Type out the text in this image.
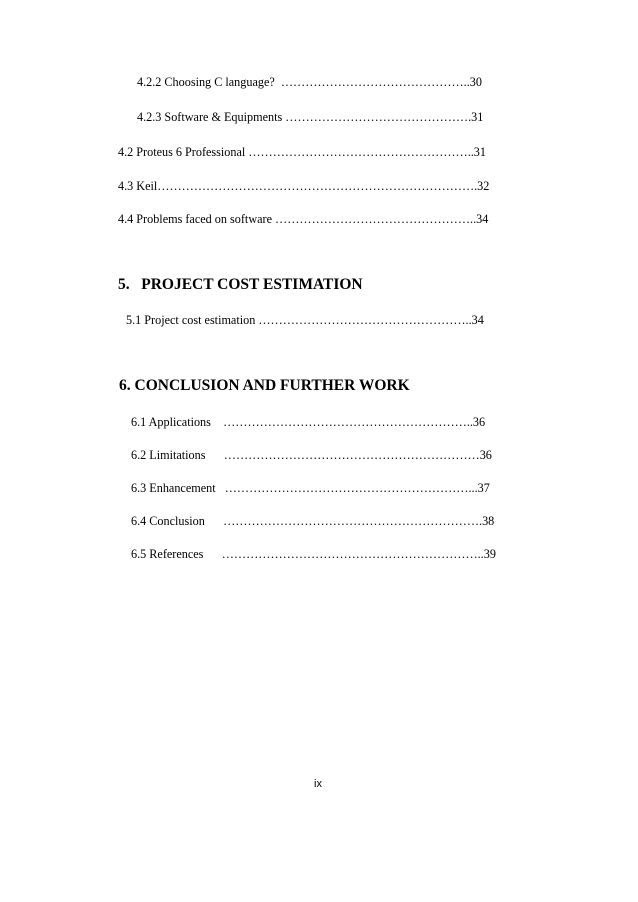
4.2.2 Choosing C language?  ………………………………………..30
4.2.3 Software & Equipments ……………………………………….31
4.2 Proteus 6 Professional ………………………………………………..31
4.3 Keil…………………………………………………………………….32
4.4 Problems faced on software …………………………………………..34
5.   PROJECT COST ESTIMATION
5.1 Project cost estimation ……………………………………………..34
6. CONCLUSION AND FURTHER WORK
6.1 Applications    ……………………………………………………..36
6.2 Limitations      ………………………………………………………36
6.3 Enhancement   ……………………………………………………...37
6.4 Conclusion      ……………………………………………………….38
6.5 References      ………………………………………………………..39
ix
